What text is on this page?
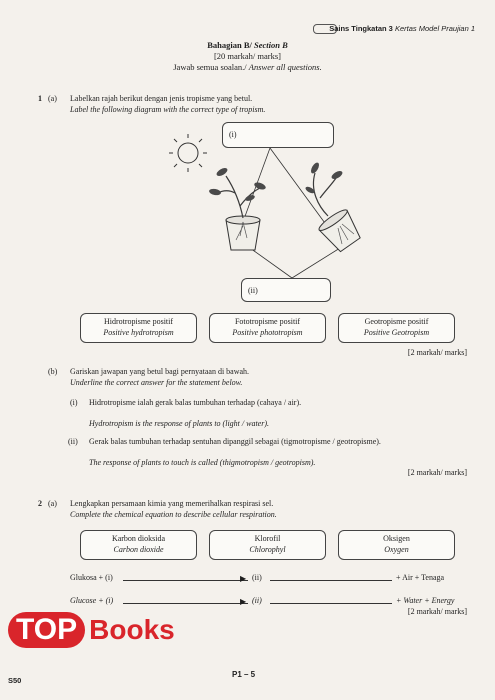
Sains Tingkatan 3 Kertas Model Praujian 1
Bahagian B/ Section B
[20 markah/ marks]
Jawab semua soalan./ Answer all questions.
1 (a) Labelkan rajah berikut dengan jenis tropisme yang betul.
Label the following diagram with the correct type of tropism.
(i)
(ii)
Hidrotropisme positif
Positive hydrotropism
Fototropisme positif
Positive phototropism
Geotropisme positif
Positive Geotropism
[2 markah/ marks]
(b) Gariskan jawapan yang betul bagi pernyataan di bawah.
Underline the correct answer for the statement below.
(i) Hidrotropisme ialah gerak balas tumbuhan terhadap (cahaya / air).
Hydrotropism is the response of plants to (light / water).
(ii) Gerak balas tumbuhan terhadap sentuhan dipanggil sebagai (tigmotropisme / geotropisme).
The response of plants to touch is called (thigmotropism / geotropism).
[2 markah/ marks]
2 (a) Lengkapkan persamaan kimia yang memerihalkan respirasi sel.
Complete the chemical equation to describe cellular respiration.
Karbon dioksida
Carbon dioxide
Klorofil
Chlorophyl
Oksigen
Oxygen
Glukosa + (i)	▶ (ii)	+ Air + Tenaga
Glucose + (i)	▶ (ii)	+ Water + Energy
[2 markah/ marks]
TOP Books
P1 – 5
S50
